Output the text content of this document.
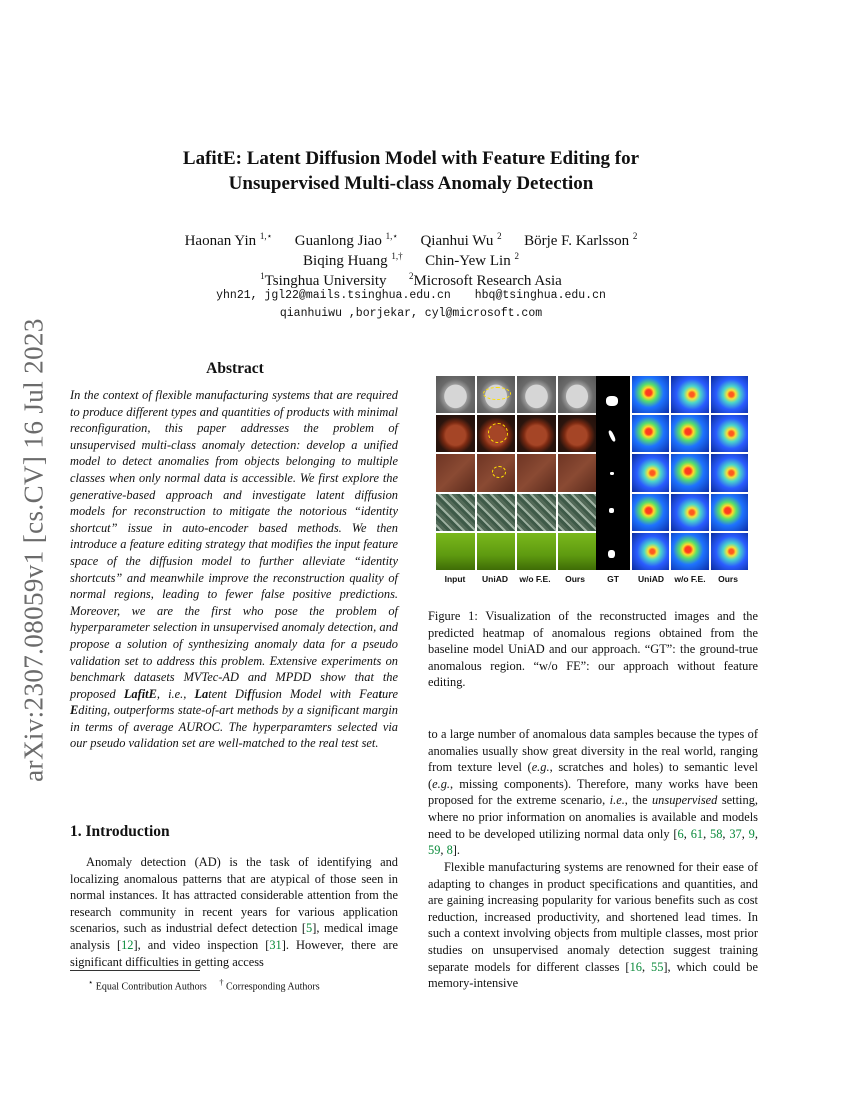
arXiv:2307.08059v1 [cs.CV] 16 Jul 2023
LafitE: Latent Diffusion Model with Feature Editing for
Unsupervised Multi-class Anomaly Detection
Haonan Yin $^{1,⋆}$ Guanlong Jiao $^{1,⋆}$ Qianhui Wu $^2$ Börje F. Karlsson $^2$
Biqing Huang $^{1,\dagger}$ Chin-Yew Lin $^2$
$^1$Tsinghua University	$^2$Microsoft Research Asia
yhn21, jgl22@mails.tsinghua.edu.cn hbq@tsinghua.edu.cn
qianhuiwu ,borjekar, cyl@microsoft.com
Abstract
In the context of flexible manufacturing systems that are required to produce different types and quantities of products with minimal reconfiguration, this paper addresses the problem of unsupervised multi-class anomaly detection: develop a unified model to detect anomalies from objects belonging to multiple classes when only normal data is accessible. We first explore the generative-based approach and investigate latent diffusion models for reconstruction to mitigate the notorious “identity shortcut” issue in auto-encoder based methods. We then introduce a feature editing strategy that modifies the input feature space of the diffusion model to further alleviate “identity shortcuts” and meanwhile improve the reconstruction quality of normal regions, leading to fewer false positive predictions. Moreover, we are the first who pose the problem of hyperparameter selection in unsupervised anomaly detection, and propose a solution of synthesizing anomaly data for a pseudo validation set to address this problem. Extensive experiments on benchmark datasets MVTec-AD and MPDD show that the proposed LafitE, i.e., Latent Diffusion Model with Feature Editing, outperforms state-of-art methods by a significant margin in terms of average AUROC. The hyperparamters selected via our pseudo validation set are well-matched to the real test set.
1. Introduction
Anomaly detection (AD) is the task of identifying and localizing anomalous patterns that are atypical of those seen in normal instances. It has attracted considerable attention from the research community in recent years for various application scenarios, such as industrial defect detection [5], medical image analysis [12], and video inspection [31]. However, there are significant difficulties in getting access
⋆ Equal Contribution Authors † Corresponding Authors
Input	UniAD	w/o F.E.	Ours	GT	UniAD	w/o F.E.	Ours
Figure 1: Visualization of the reconstructed images and the predicted heatmap of anomalous regions obtained from the baseline model UniAD and our approach. “GT”: the ground-true anomalous region. “w/o FE”: our approach without feature editing.
to a large number of anomalous data samples because the types of anomalies usually show great diversity in the real world, ranging from texture level (e.g., scratches and holes) to semantic level (e.g., missing components). Therefore, many works have been proposed for the extreme scenario, i.e., the unsupervised setting, where no prior information on anomalies is available and models need to be developed utilizing normal data only [6, 61, 58, 37, 9, 59, 8].
Flexible manufacturing systems are renowned for their ease of adapting to changes in product specifications and quantities, and are gaining increasing popularity for various benefits such as cost reduction, increased productivity, and shortened lead times. In such a context involving objects from multiple classes, most prior studies on unsupervised anomaly detection suggest training separate models for different classes [16, 55], which could be memory-intensive
